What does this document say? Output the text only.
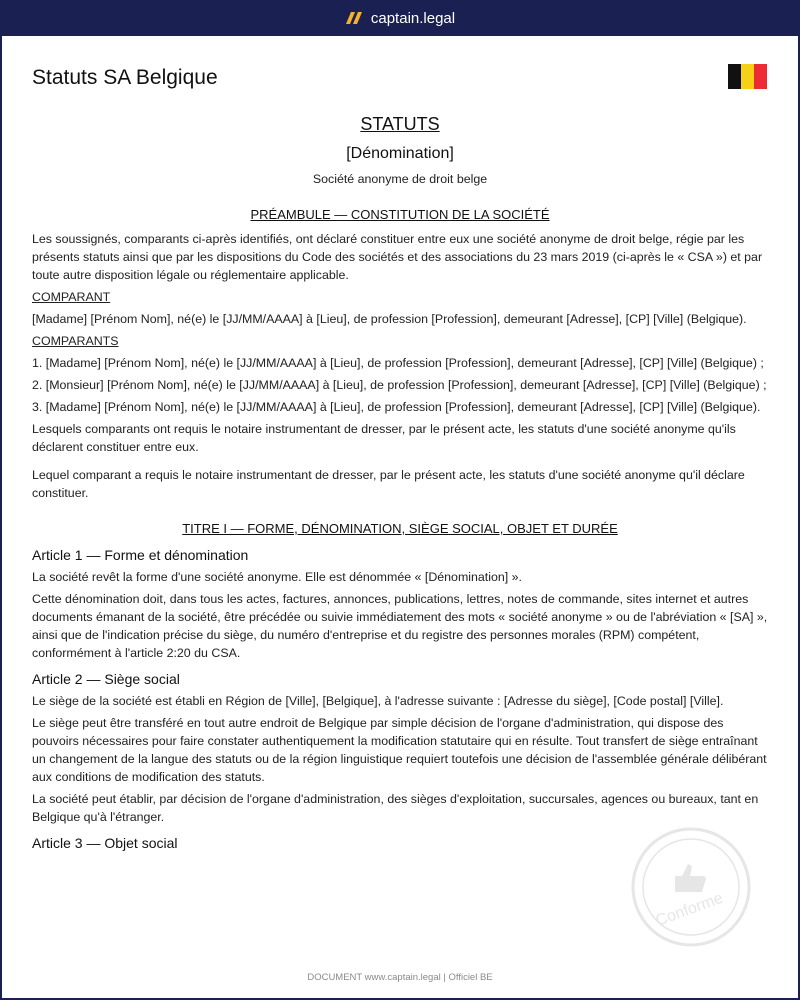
captain.legal
Statuts SA Belgique
STATUTS
[Dénomination]
Société anonyme de droit belge
PRÉAMBULE — CONSTITUTION DE LA SOCIÉTÉ

Les soussignés, comparants ci-après identifiés, ont déclaré constituer entre eux une société anonyme de droit belge, régie par les présents statuts ainsi que par les dispositions du Code des sociétés et des associations du 23 mars 2019 (ci-après le « CSA ») et par toute autre disposition légale ou réglementaire applicable.

COMPARANT

[Madame] [Prénom Nom], né(e) le [JJ/MM/AAAA] à [Lieu], de profession [Profession], demeurant [Adresse], [CP] [Ville] (Belgique).

COMPARANTS

1. [Madame] [Prénom Nom], né(e) le [JJ/MM/AAAA] à [Lieu], de profession [Profession], demeurant [Adresse], [CP] [Ville] (Belgique) ;

2. [Monsieur] [Prénom Nom], né(e) le [JJ/MM/AAAA] à [Lieu], de profession [Profession], demeurant [Adresse], [CP] [Ville] (Belgique) ;

3. [Madame] [Prénom Nom], né(e) le [JJ/MM/AAAA] à [Lieu], de profession [Profession], demeurant [Adresse], [CP] [Ville] (Belgique).

Lesquels comparants ont requis le notaire instrumentant de dresser, par le présent acte, les statuts d'une société anonyme qu'ils déclarent constituer entre eux.

Lequel comparant a requis le notaire instrumentant de dresser, par le présent acte, les statuts d'une société anonyme qu'il déclare constituer.

TITRE I — FORME, DÉNOMINATION, SIÈGE SOCIAL, OBJET ET DURÉE
Article 1 — Forme et dénomination

La société revêt la forme d'une société anonyme. Elle est dénommée « [Dénomination] ».

Cette dénomination doit, dans tous les actes, factures, annonces, publications, lettres, notes de commande, sites internet et autres documents émanant de la société, être précédée ou suivie immédiatement des mots « société anonyme » ou de l'abréviation « [SA] », ainsi que de l'indication précise du siège, du numéro d'entreprise et du registre des personnes morales (RPM) compétent, conformément à l'article 2:20 du CSA.

Article 2 — Siège social

Le siège de la société est établi en Région de [Ville], [Belgique], à l'adresse suivante : [Adresse du siège], [Code postal] [Ville].

Le siège peut être transféré en tout autre endroit de Belgique par simple décision de l'organe d'administration, qui dispose des pouvoirs nécessaires pour faire constater authentiquement la modification statutaire qui en résulte. Tout transfert de siège entraînant un changement de la langue des statuts ou de la région linguistique requiert toutefois une décision de l'assemblée générale délibérant aux conditions de modification des statuts.

La société peut établir, par décision de l'organe d'administration, des sièges d'exploitation, succursales, agences ou bureaux, tant en Belgique qu'à l'étranger.

Article 3 — Objet social
Conforme
DOCUMENT www.captain.legal | Officiel BE
